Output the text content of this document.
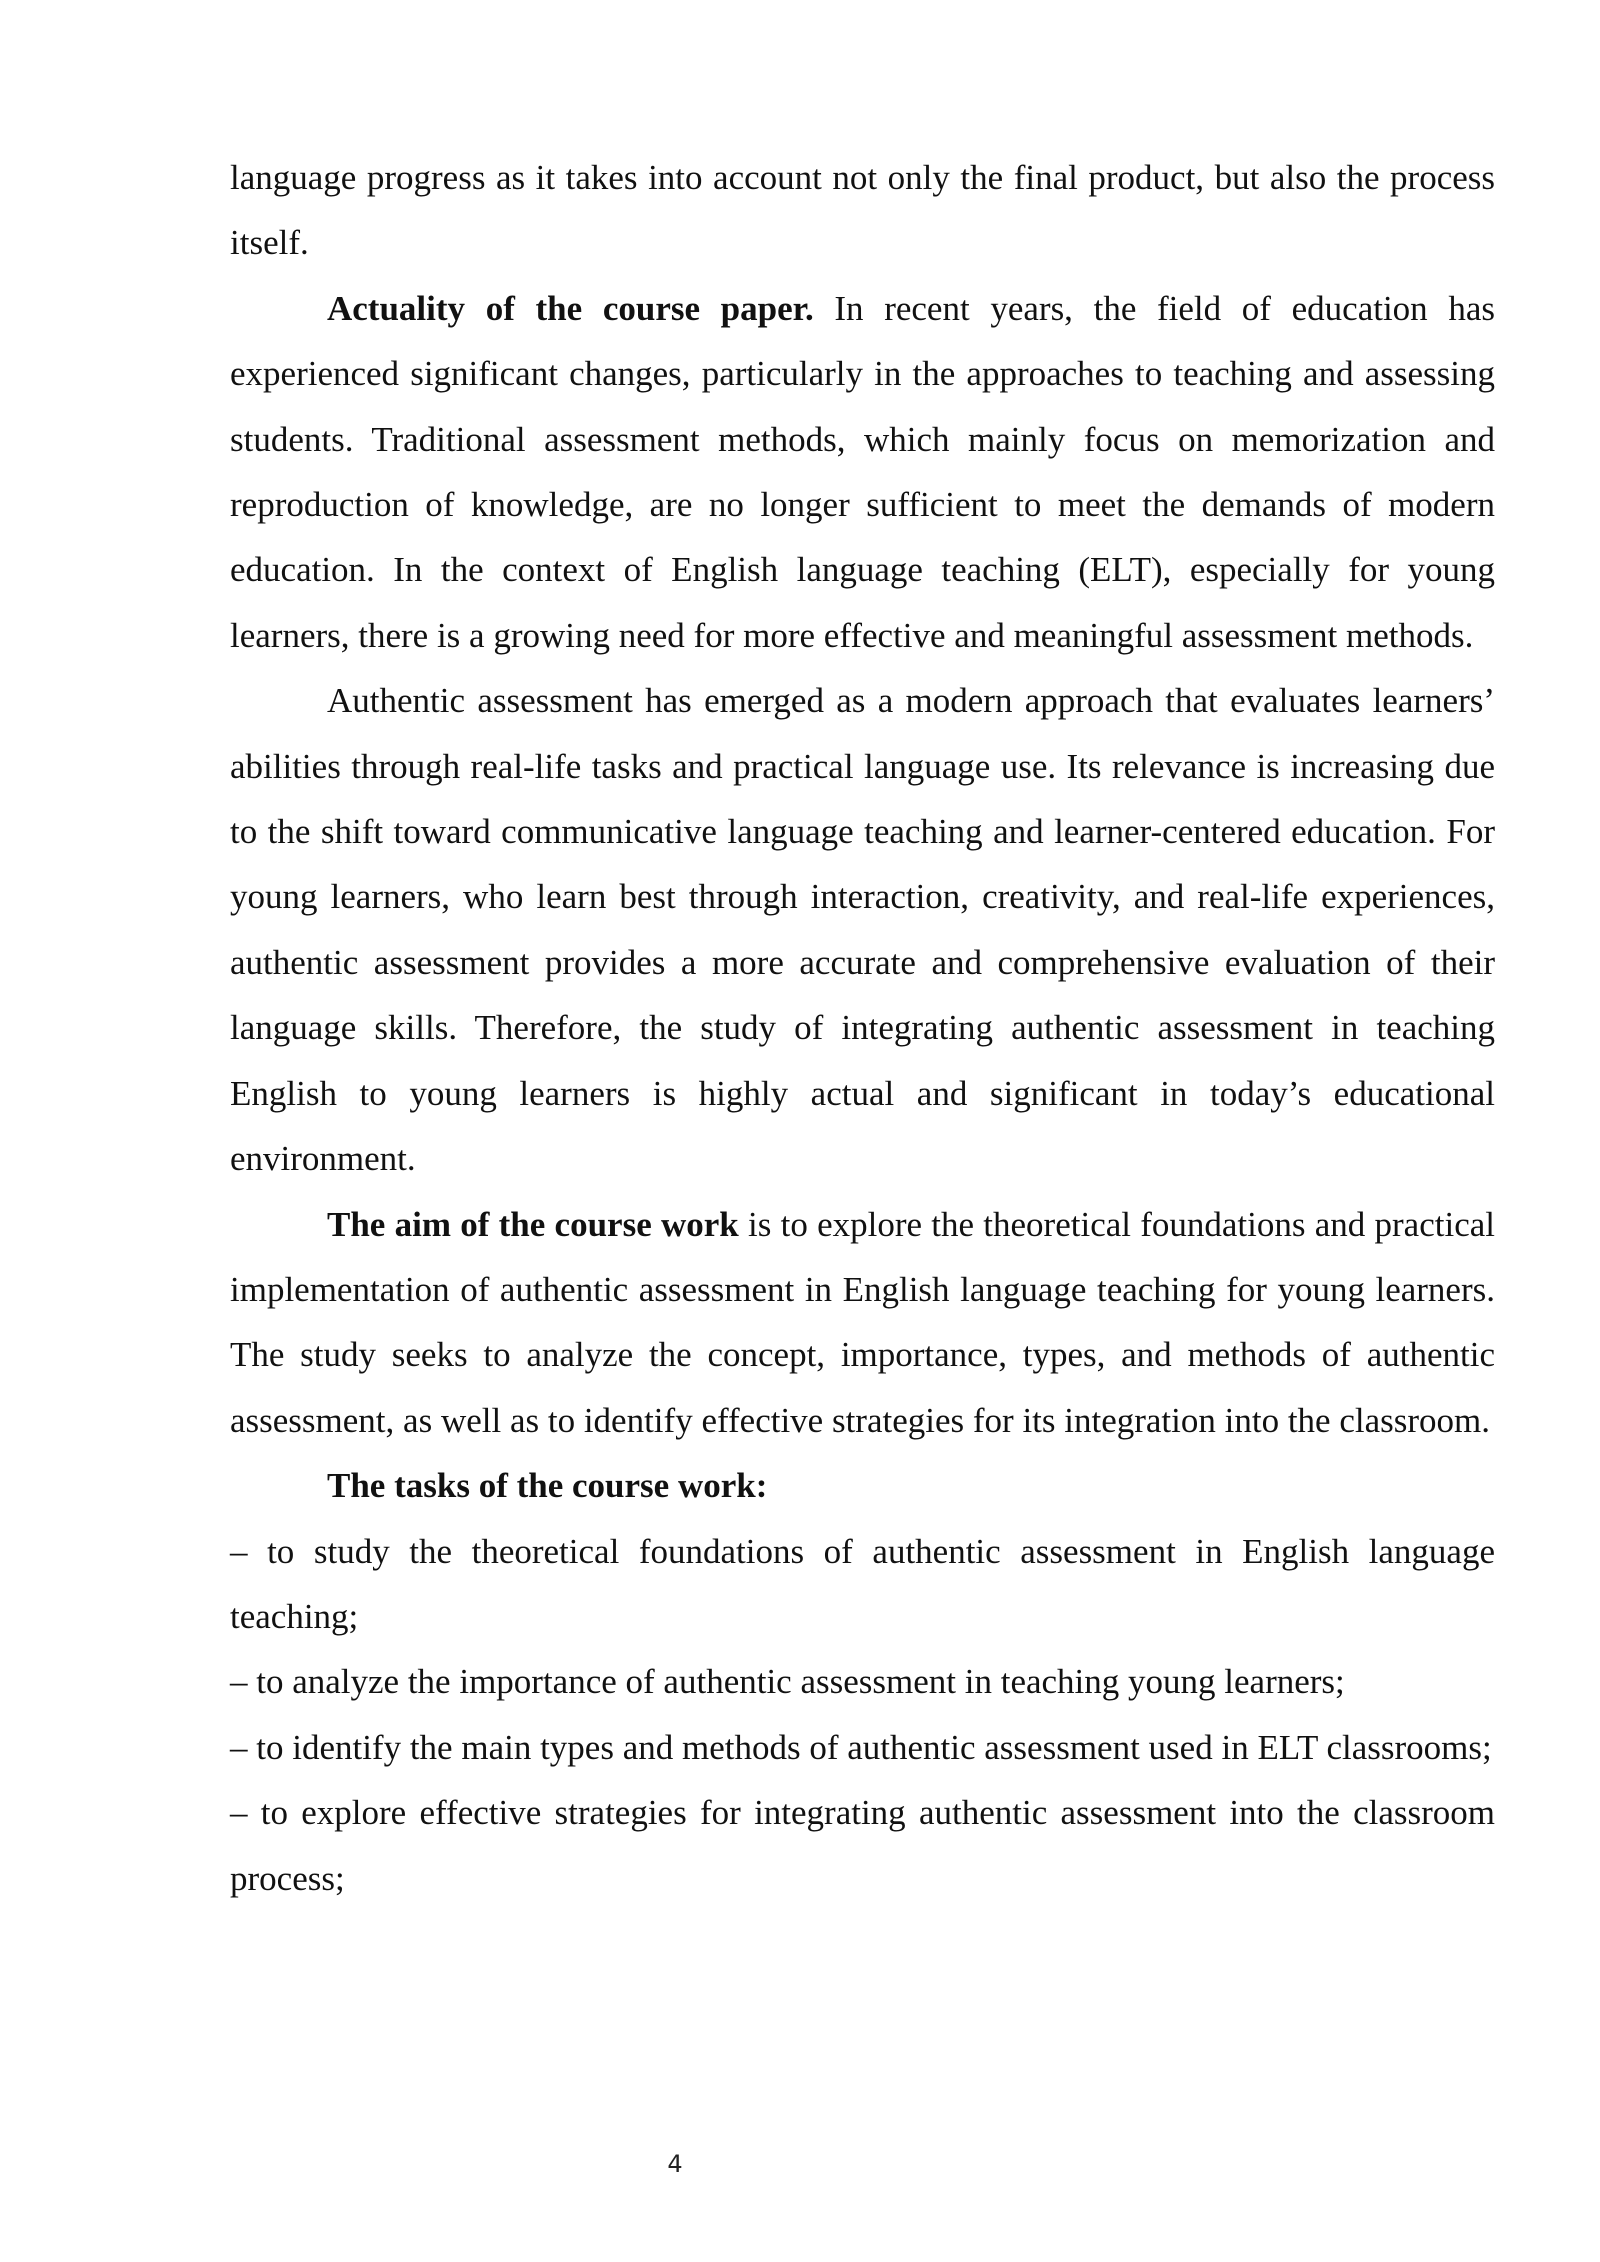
language progress as it takes into account not only the final product, but also the process itself.

Actuality of the course paper. In recent years, the field of education has experienced significant changes, particularly in the approaches to teaching and assessing students. Traditional assessment methods, which mainly focus on memorization and reproduction of knowledge, are no longer sufficient to meet the demands of modern education. In the context of English language teaching (ELT), especially for young learners, there is a growing need for more effective and meaningful assessment methods.

Authentic assessment has emerged as a modern approach that evaluates learners’ abilities through real-life tasks and practical language use. Its relevance is increasing due to the shift toward communicative language teaching and learner-centered education. For young learners, who learn best through interaction, creativity, and real-life experiences, authentic assessment provides a more accurate and comprehensive evaluation of their language skills. Therefore, the study of integrating authentic assessment in teaching English to young learners is highly actual and significant in today’s educational environment.

The aim of the course work is to explore the theoretical foundations and practical implementation of authentic assessment in English language teaching for young learners. The study seeks to analyze the concept, importance, types, and methods of authentic assessment, as well as to identify effective strategies for its integration into the classroom.

The tasks of the course work:

– to study the theoretical foundations of authentic assessment in English language teaching;

– to analyze the importance of authentic assessment in teaching young learners;

– to identify the main types and methods of authentic assessment used in ELT classrooms;

– to explore effective strategies for integrating authentic assessment into the classroom process;

4
